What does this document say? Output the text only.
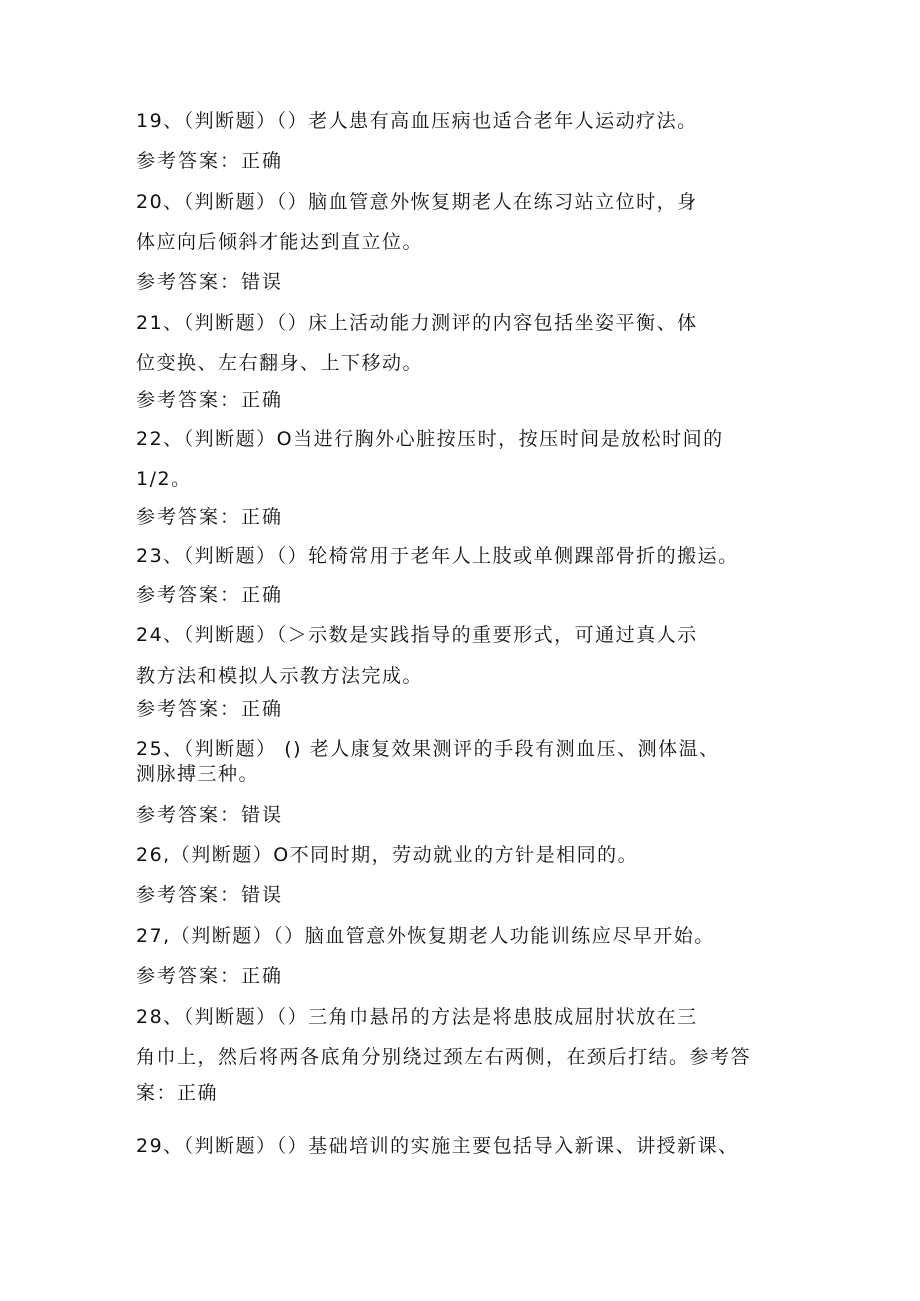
19、（判断题）（）老人患有高血压病也适合老年人运动疗法。
参考答案：正确
20、（判断题）（）脑血管意外恢复期老人在练习站立位时，身
体应向后倾斜才能达到直立位。
参考答案：错误
21、（判断题）（）床上活动能力测评的内容包括坐姿平衡、体
位变换、左右翻身、上下移动。
参考答案：正确
22、（判断题）O当进行胸外心脏按压时，按压时间是放松时间的
1/2。
参考答案：正确
23、（判断题）（）轮椅常用于老年人上肢或单侧踝部骨折的搬运。
参考答案：正确
24、（判断题）（＞示数是实践指导的重要形式，可通过真人示
教方法和模拟人示教方法完成。
参考答案：正确
25、（判断题） () 老人康复效果测评的手段有测血压、测体温、
测脉搏三种。
参考答案：错误
26,（判断题）O不同时期，劳动就业的方针是相同的。
参考答案：错误
27,（判断题）（）脑血管意外恢复期老人功能训练应尽早开始。
参考答案：正确
28、（判断题）（）三角巾悬吊的方法是将患肢成屈肘状放在三
角巾上，然后将两各底角分别绕过颈左右两侧，在颈后打结。参考答
案：正确
29、（判断题）（）基础培训的实施主要包括导入新课、讲授新课、
